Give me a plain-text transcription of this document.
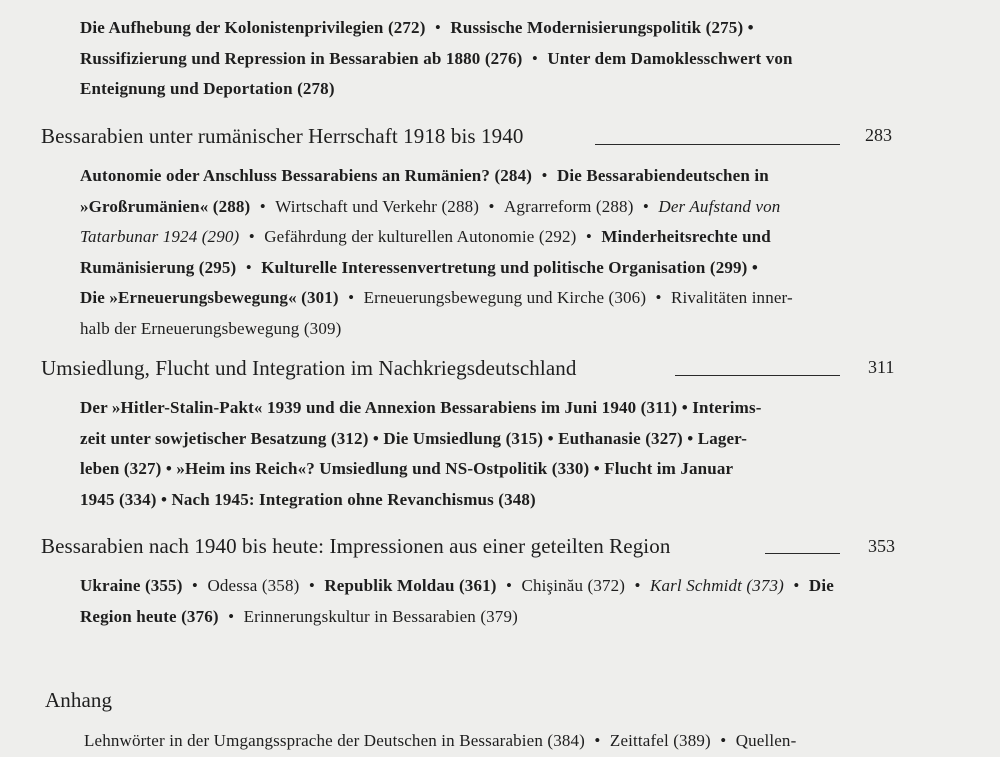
Die Aufhebung der Kolonistenprivilegien (272) • Russische Modernisierungspolitik (275) •
Russifizierung und Repression in Bessarabien ab 1880 (276) • Unter dem Damoklesschwert von
Enteignung und Deportation (278)
Bessarabien unter rumänischer Herrschaft 1918 bis 1940	283
Autonomie oder Anschluss Bessarabiens an Rumänien? (284) • Die Bessarabiendeutschen in
»Großrumänien« (288) • Wirtschaft und Verkehr (288) • Agrarreform (288) • Der Aufstand von
Tatarbunar 1924 (290) • Gefährdung der kulturellen Autonomie (292) • Minderheitsrechte und
Rumänisierung (295) • Kulturelle Interessenvertretung und politische Organisation (299) •
Die »Erneuerungsbewegung« (301) • Erneuerungsbewegung und Kirche (306) • Rivalitäten inner-
halb der Erneuerungsbewegung (309)
Umsiedlung, Flucht und Integration im Nachkriegsdeutschland	311
Der »Hitler-Stalin-Pakt« 1939 und die Annexion Bessarabiens im Juni 1940 (311) • Interims-
zeit unter sowjetischer Besatzung (312) • Die Umsiedlung (315) • Euthanasie (327) • Lager-
leben (327) • »Heim ins Reich«? Umsiedlung und NS-Ostpolitik (330) • Flucht im Januar
1945 (334) • Nach 1945: Integration ohne Revanchismus (348)
Bessarabien nach 1940 bis heute: Impressionen aus einer geteilten Region	353
Ukraine (355) • Odessa (358) • Republik Moldau (361) • Chişinău (372) • Karl Schmidt (373) • Die
Region heute (376) • Erinnerungskultur in Bessarabien (379)
Anhang
Lehnwörter in der Umgangssprache der Deutschen in Bessarabien (384) • Zeittafel (389) • Quellen-
